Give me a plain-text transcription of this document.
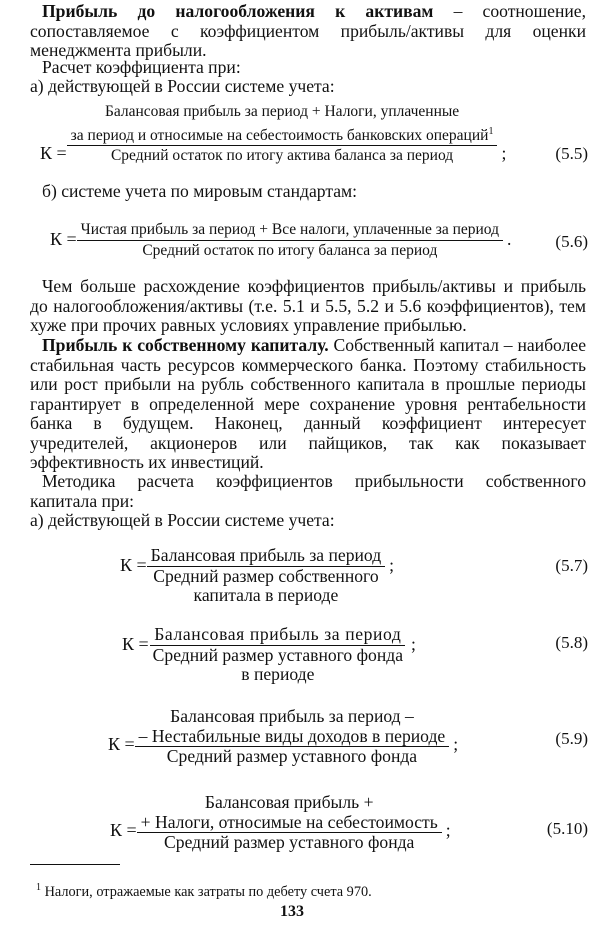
Прибыль до налогообложения к активам – соотношение, сопоставляемое с коэффициентом прибыль/активы для оценки менеджмента прибыли.

Расчет коэффициента при:

а) действующей в России системе учета:

К =
Балансовая прибыль за период + Налоги, уплаченные
за период и относимые на себестоимость банковских операций$^1$
Средний остаток по итогу актива баланса за период	;	(5.5)

б) системе учета по мировым стандартам:

$К = \frac{\text{Чистая прибыль за период + Все налоги, уплаченные за период}}{\text{Средний остаток по итогу баланса за период}}$ .	(5.6)

Чем больше расхождение коэффициентов прибыль/активы и прибыль до налогообложения/активы (т.е. 5.1 и 5.5, 5.2 и 5.6 коэффициентов), тем хуже при прочих равных условиях управление прибылью.

Прибыль к собственному капиталу. Собственный капитал – наиболее стабильная часть ресурсов коммерческого банка. Поэтому стабильность или рост прибыли на рубль собственного капитала в прошлые периоды гарантирует в определенной мере сохранение уровня рентабельности банка в будущем. Наконец, данный коэффициент интересует учредителей, акционеров или пайщиков, так как показывает эффективность их инвестиций.

Методика расчета коэффициентов прибыльности собственного капитала при:

а) действующей в России системе учета:

К = Балансовая прибыль за период
Средний размер собственного
капитала в периоде
;	(5.7)
К = Балансовая прибыль за период
Средний размер уставного фонда
в периоде
;	(5.8)
К =
Балансовая прибыль за период –
– Нестабильные виды доходов в периоде
Средний размер уставного фонда
;	(5.9)
К =
Балансовая прибыль +
+ Налоги, относимые на себестоимость
Средний размер уставного фонда
;	(5.10)
$^1$ Налоги, отражаемые как затраты по дебету счета 970.
133
